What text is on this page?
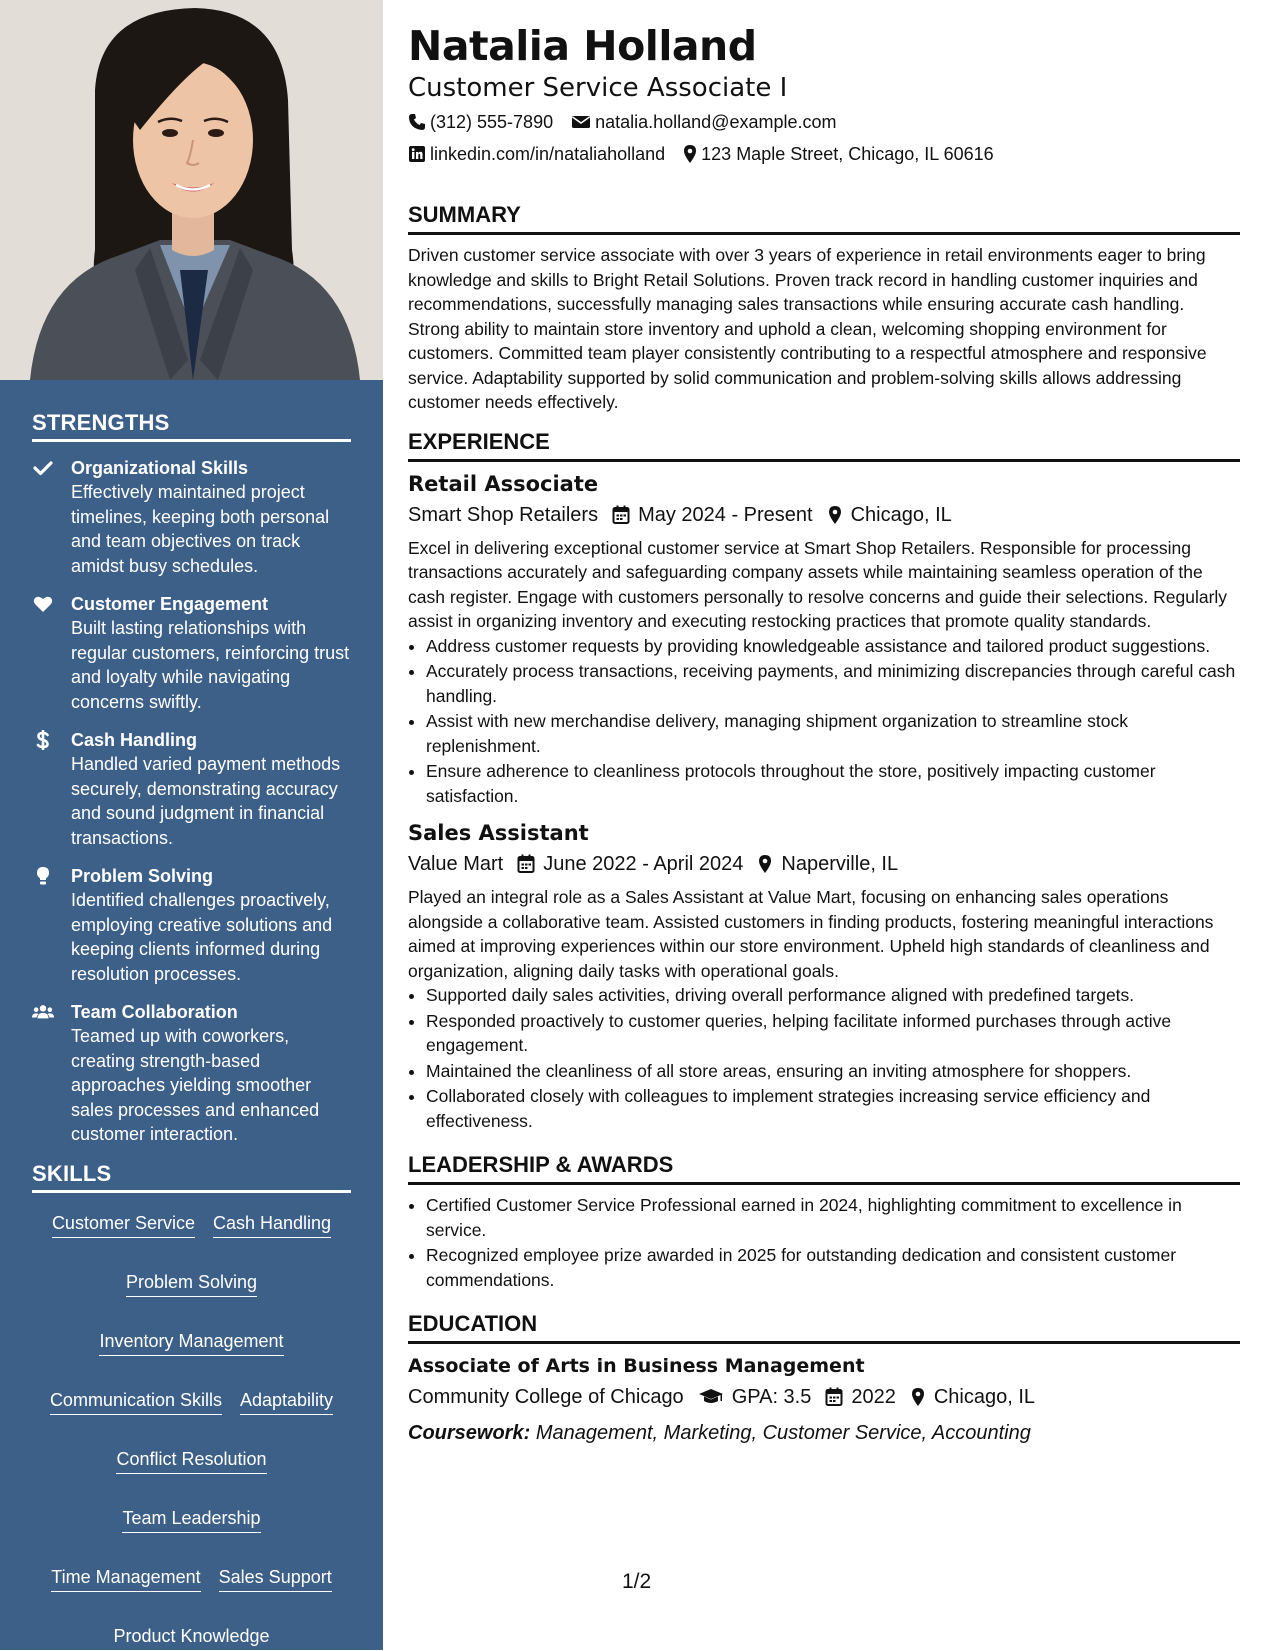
STRENGTHS
Organizational Skills
Effectively maintained project timelines, keeping both personal and team objectives on track amidst busy schedules.
Customer Engagement
Built lasting relationships with regular customers, reinforcing trust and loyalty while navigating concerns swiftly.
Cash Handling
Handled varied payment methods securely, demonstrating accuracy and sound judgment in financial transactions.
Problem Solving
Identified challenges proactively, employing creative solutions and keeping clients informed during resolution processes.
Team Collaboration
Teamed up with coworkers, creating strength-based approaches yielding smoother sales processes and enhanced customer interaction.
SKILLS
Customer Service Cash Handling
Problem Solving
Inventory Management
Communication Skills Adaptability
Conflict Resolution
Team Leadership
Time Management Sales Support
Product Knowledge
Natalia Holland
Customer Service Associate I
(312) 555-7890 natalia.holland@example.com
linkedin.com/in/nataliaholland 123 Maple Street, Chicago, IL 60616
SUMMARY

Driven customer service associate with over 3 years of experience in retail environments eager to bring knowledge and skills to Bright Retail Solutions. Proven track record in handling customer inquiries and recommendations, successfully managing sales transactions while ensuring accurate cash handling. Strong ability to maintain store inventory and uphold a clean, welcoming shopping environment for customers. Committed team player consistently contributing to a respectful atmosphere and responsive service. Adaptability supported by solid communication and problem-solving skills allows addressing customer needs effectively.

EXPERIENCE
Retail Associate
Smart Shop Retailers May 2024 - Present Chicago, IL

Excel in delivering exceptional customer service at Smart Shop Retailers. Responsible for processing transactions accurately and safeguarding company assets while maintaining seamless operation of the cash register. Engage with customers personally to resolve concerns and guide their selections. Regularly assist in organizing inventory and executing restocking practices that promote quality standards.

• Address customer requests by providing knowledgeable assistance and tailored product suggestions.
• Accurately process transactions, receiving payments, and minimizing discrepancies through careful cash handling.
• Assist with new merchandise delivery, managing shipment organization to streamline stock replenishment.
• Ensure adherence to cleanliness protocols throughout the store, positively impacting customer satisfaction.
Sales Assistant
Value Mart June 2022 - April 2024 Naperville, IL

Played an integral role as a Sales Assistant at Value Mart, focusing on enhancing sales operations alongside a collaborative team. Assisted customers in finding products, fostering meaningful interactions aimed at improving experiences within our store environment. Upheld high standards of cleanliness and organization, aligning daily tasks with operational goals.

• Supported daily sales activities, driving overall performance aligned with predefined targets.
• Responded proactively to customer queries, helping facilitate informed purchases through active engagement.
• Maintained the cleanliness of all store areas, ensuring an inviting atmosphere for shoppers.
• Collaborated closely with colleagues to implement strategies increasing service efficiency and effectiveness.
LEADERSHIP & AWARDS
• Certified Customer Service Professional earned in 2024, highlighting commitment to excellence in service.
• Recognized employee prize awarded in 2025 for outstanding dedication and consistent customer commendations.
EDUCATION
Associate of Arts in Business Management
Community College of Chicago GPA: 3.5 2022 Chicago, IL
Coursework: Management, Marketing, Customer Service, Accounting
1/2
